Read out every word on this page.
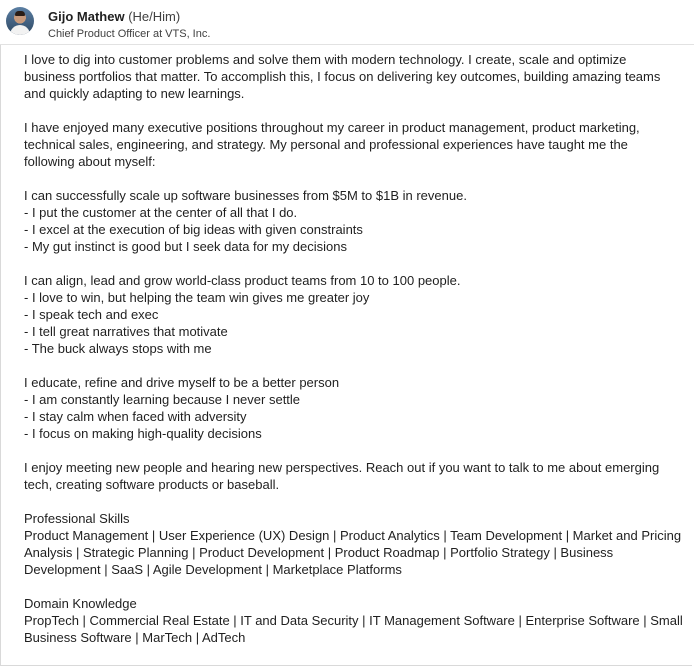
Gijo Mathew (He/Him)
Chief Product Officer at VTS, Inc.

I love to dig into customer problems and solve them with modern technology. I create, scale and optimize

business portfolios that matter. To accomplish this, I focus on delivering key outcomes, building amazing teams

and quickly adapting to new learnings.

I have enjoyed many executive positions throughout my career in product management, product marketing,

technical sales, engineering, and strategy. My personal and professional experiences have taught me the

following about myself:

I can successfully scale up software businesses from $5M to $1B in revenue.

- I put the customer at the center of all that I do.

- I excel at the execution of big ideas with given constraints

- My gut instinct is good but I seek data for my decisions

I can align, lead and grow world-class product teams from 10 to 100 people.

- I love to win, but helping the team win gives me greater joy

- I speak tech and exec

- I tell great narratives that motivate

- The buck always stops with me

I educate, refine and drive myself to be a better person

- I am constantly learning because I never settle

- I stay calm when faced with adversity

- I focus on making high-quality decisions

I enjoy meeting new people and hearing new perspectives. Reach out if you want to talk to me about emerging

tech, creating software products or baseball.

Professional Skills

Product Management | User Experience (UX) Design | Product Analytics | Team Development | Market and Pricing

Analysis | Strategic Planning | Product Development | Product Roadmap | Portfolio Strategy | Business

Development | SaaS | Agile Development | Marketplace Platforms

Domain Knowledge

PropTech | Commercial Real Estate | IT and Data Security | IT Management Software | Enterprise Software | Small

Business Software | MarTech | AdTech
